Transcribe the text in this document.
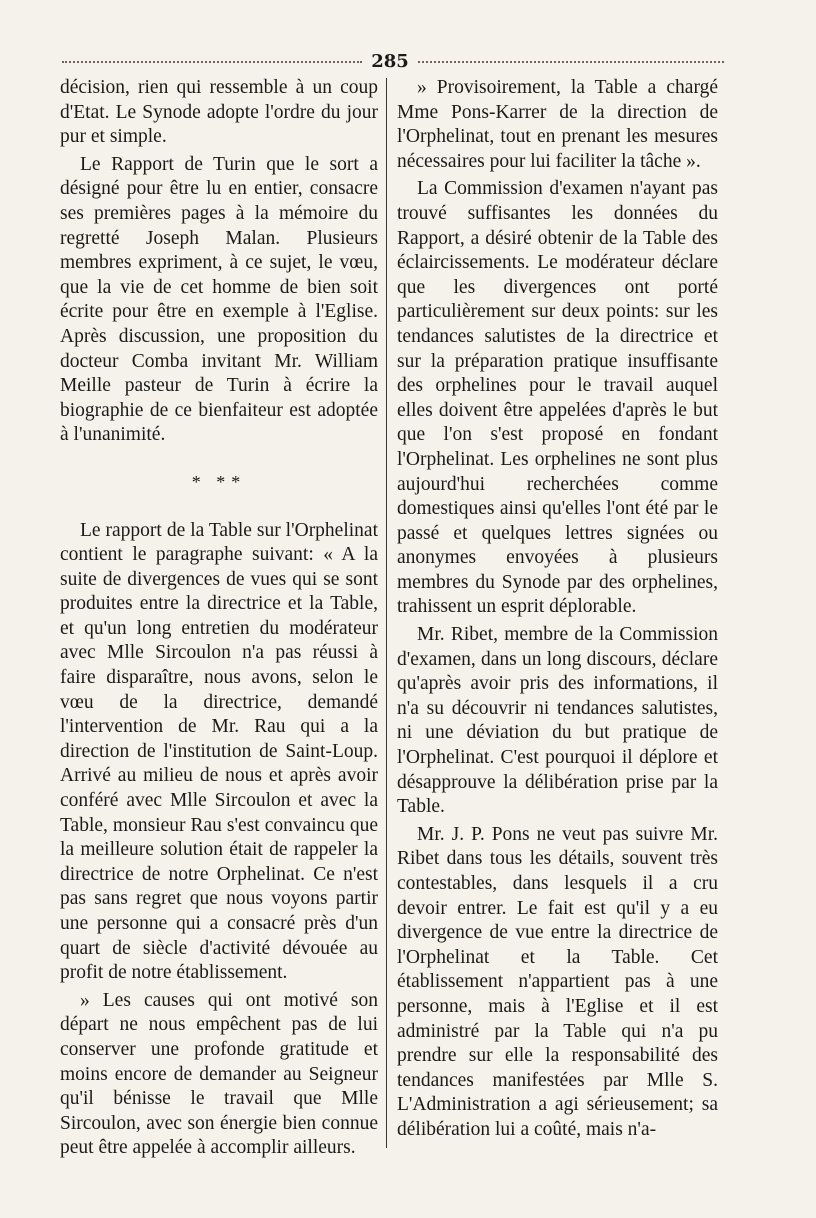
285

décision, rien qui ressemble à un coup d'Etat. Le Synode adopte l'ordre du jour pur et simple.

Le Rapport de Turin que le sort a désigné pour être lu en entier, consacre ses premières pages à la mémoire du regretté Joseph Malan. Plusieurs membres expriment, à ce sujet, le vœu, que la vie de cet homme de bien soit écrite pour être en exemple à l'Eglise. Après discussion, une proposition du docteur Comba invitant Mr. William Meille pasteur de Turin à écrire la biographie de ce bienfaiteur est adoptée à l'unanimité.

* **

Le rapport de la Table sur l'Orphelinat contient le paragraphe suivant: « A la suite de divergences de vues qui se sont produites entre la directrice et la Table, et qu'un long entretien du modérateur avec Mlle Sircoulon n'a pas réussi à faire disparaître, nous avons, selon le vœu de la directrice, demandé l'intervention de Mr. Rau qui a la direction de l'institution de Saint-Loup. Arrivé au milieu de nous et après avoir conféré avec Mlle Sircoulon et avec la Table, monsieur Rau s'est convaincu que la meilleure solution était de rappeler la directrice de notre Orphelinat. Ce n'est pas sans regret que nous voyons partir une personne qui a consacré près d'un quart de siècle d'activité dévouée au profit de notre établissement.

» Les causes qui ont motivé son départ ne nous empêchent pas de lui conserver une profonde gratitude et moins encore de demander au Seigneur qu'il bénisse le travail que Mlle Sircoulon, avec son énergie bien connue peut être appelée à accomplir ailleurs.

» Provisoirement, la Table a chargé Mme Pons-Karrer de la direction de l'Orphelinat, tout en prenant les mesures nécessaires pour lui faciliter la tâche ».

La Commission d'examen n'ayant pas trouvé suffisantes les données du Rapport, a désiré obtenir de la Table des éclaircissements. Le modérateur déclare que les divergences ont porté particulièrement sur deux points: sur les tendances salutistes de la directrice et sur la préparation pratique insuffisante des orphelines pour le travail auquel elles doivent être appelées d'après le but que l'on s'est proposé en fondant l'Orphelinat. Les orphelines ne sont plus aujourd'hui recherchées comme domestiques ainsi qu'elles l'ont été par le passé et quelques lettres signées ou anonymes envoyées à plusieurs membres du Synode par des orphelines, trahissent un esprit déplorable.

Mr. Ribet, membre de la Commission d'examen, dans un long discours, déclare qu'après avoir pris des informations, il n'a su découvrir ni tendances salutistes, ni une déviation du but pratique de l'Orphelinat. C'est pourquoi il déplore et désapprouve la délibération prise par la Table.

Mr. J. P. Pons ne veut pas suivre Mr. Ribet dans tous les détails, souvent très contestables, dans lesquels il a cru devoir entrer. Le fait est qu'il y a eu divergence de vue entre la directrice de l'Orphelinat et la Table. Cet établissement n'appartient pas à une personne, mais à l'Eglise et il est administré par la Table qui n'a pu prendre sur elle la responsabilité des tendances manifestées par Mlle S. L'Administration a agi sérieusement; sa délibération lui a coûté, mais n'a-
